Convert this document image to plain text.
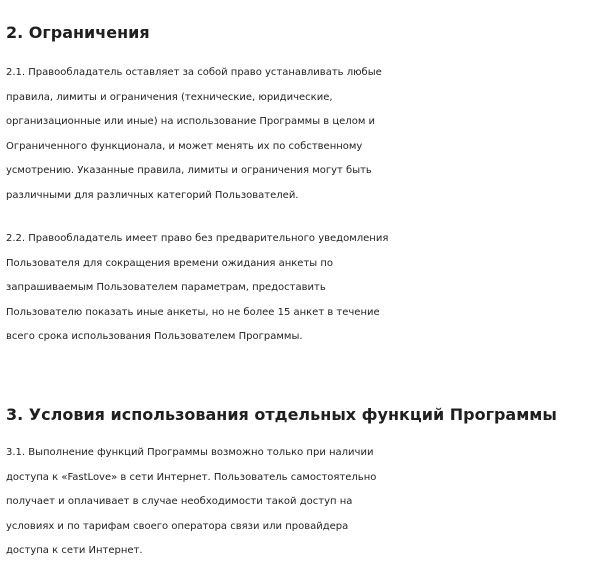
2. Ограничения

2.1. Правообладатель оставляет за собой право устанавливать любые
правила, лимиты и ограничения (технические, юридические,
организационные или иные) на использование Программы в целом и
Ограниченного функционала, и может менять их по собственному
усмотрению. Указанные правила, лимиты и ограничения могут быть
различными для различных категорий Пользователей.

2.2. Правообладатель имеет право без предварительного уведомления
Пользователя для сокращения времени ожидания анкеты по
запрашиваемым Пользователем параметрам, предоставить
Пользователю показать иные анкеты, но не более 15 анкет в течение
всего срока использования Пользователем Программы.

3. Условия использования отдельных функций Программы

3.1. Выполнение функций Программы возможно только при наличии
доступа к «FastLove» в сети Интернет. Пользователь самостоятельно
получает и оплачивает в случае необходимости такой доступ на
условиях и по тарифам своего оператора связи или провайдера
доступа к сети Интернет.
